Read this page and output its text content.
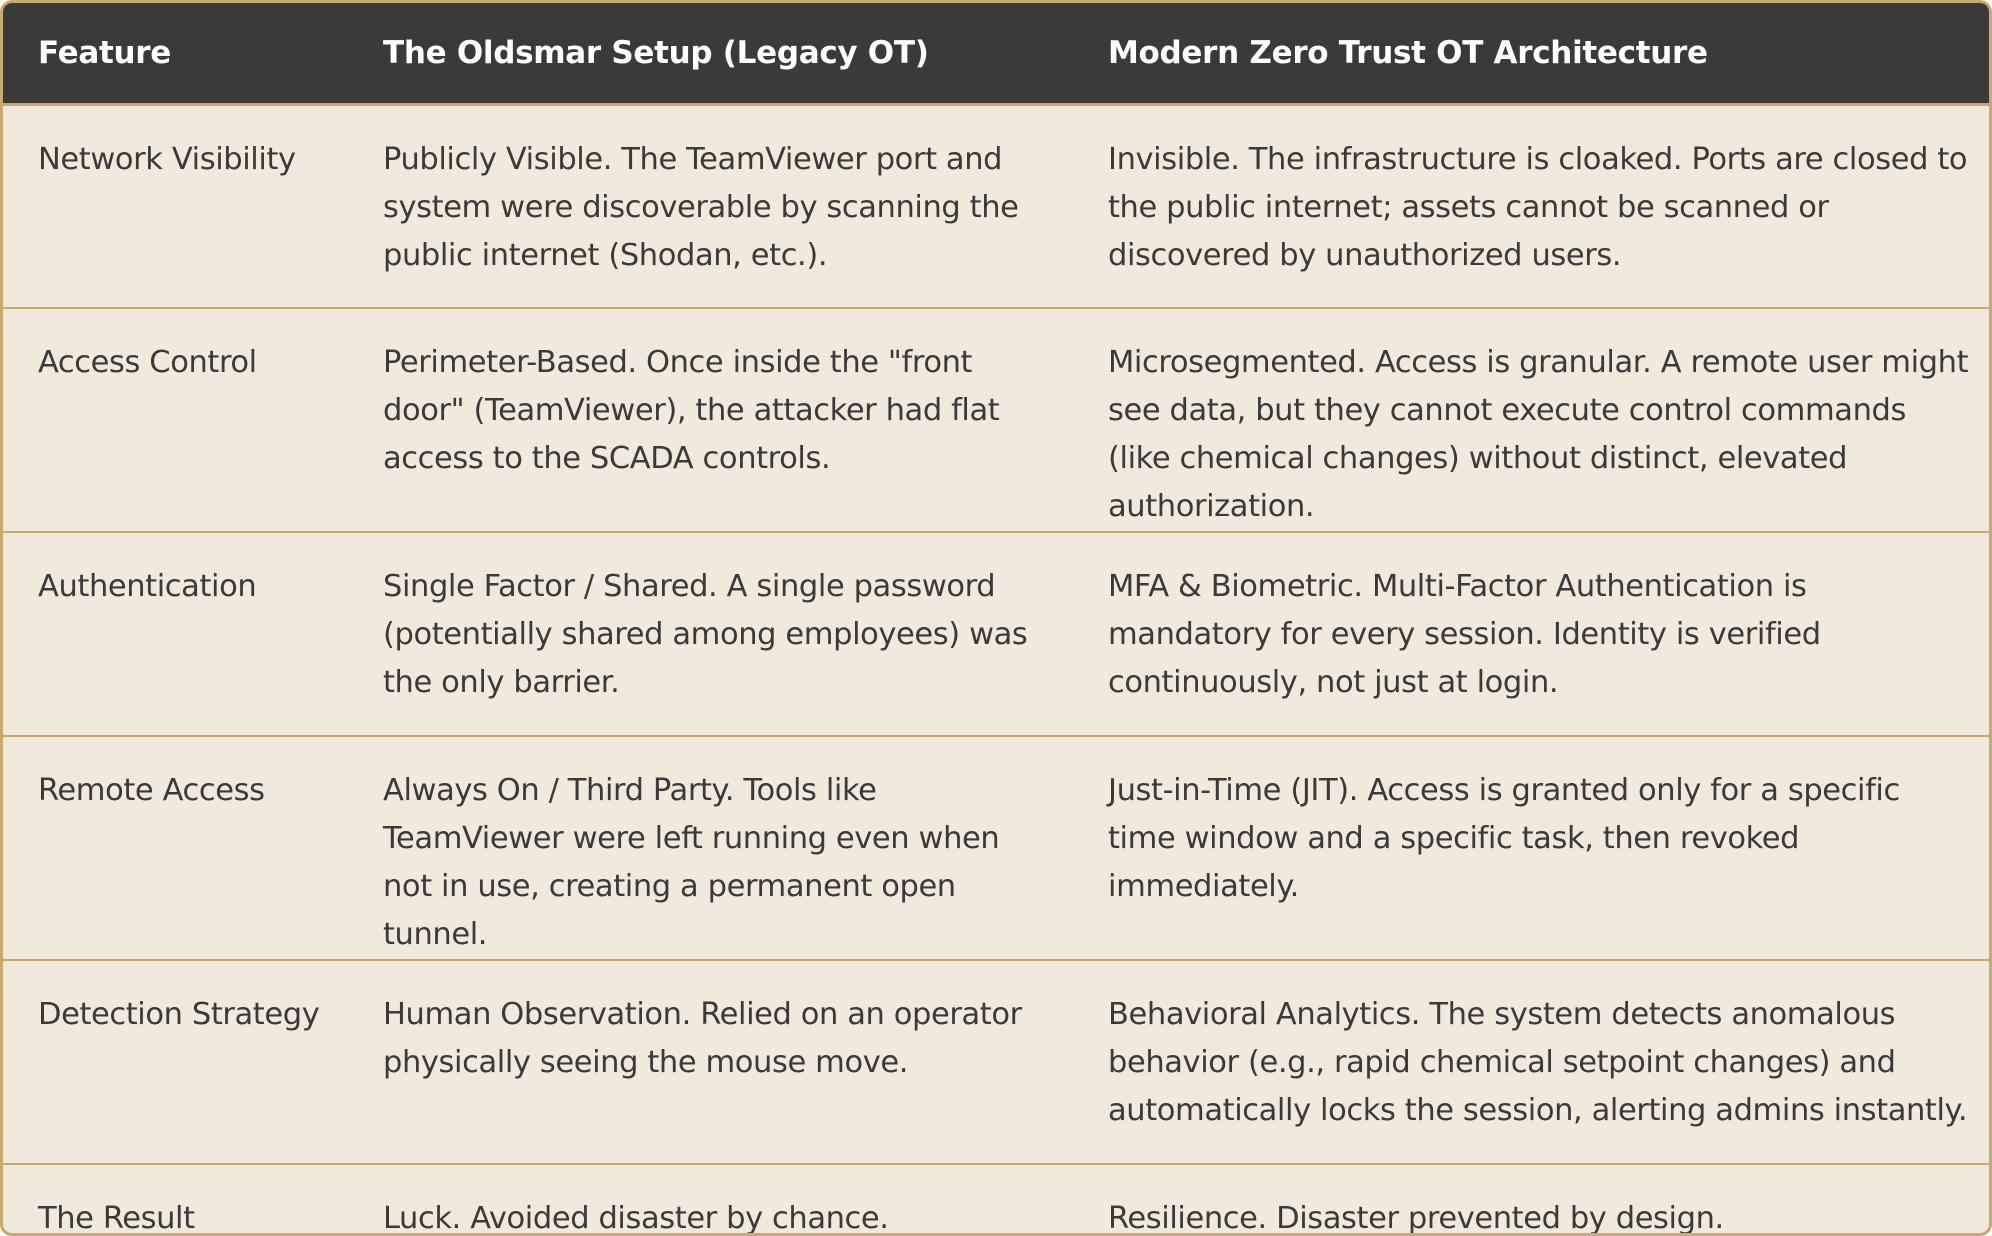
Feature	The Oldsmar Setup (Legacy OT)	Modern Zero Trust OT Architecture
Network Visibility	Publicly Visible. The TeamViewer port and system were discoverable by scanning the public internet (Shodan, etc.).	Invisible. The infrastructure is cloaked. Ports are closed to the public internet; assets cannot be scanned or discovered by unauthorized users.
Access Control	Perimeter-Based. Once inside the "front door" (TeamViewer), the attacker had flat access to the SCADA controls.	Microsegmented. Access is granular. A remote user might see data, but they cannot execute control commands (like chemical changes) without distinct, elevated authorization.
Authentication	Single Factor / Shared. A single password (potentially shared among employees) was the only barrier.	MFA & Biometric. Multi-Factor Authentication is mandatory for every session. Identity is verified continuously, not just at login.
Remote Access	Always On / Third Party. Tools like TeamViewer were left running even when not in use, creating a permanent open tunnel.	Just-in-Time (JIT). Access is granted only for a specific time window and a specific task, then revoked immediately.
Detection Strategy	Human Observation. Relied on an operator physically seeing the mouse move.	Behavioral Analytics. The system detects anomalous behavior (e.g., rapid chemical setpoint changes) and automatically locks the session, alerting admins instantly.
The Result	Luck. Avoided disaster by chance.	Resilience. Disaster prevented by design.
